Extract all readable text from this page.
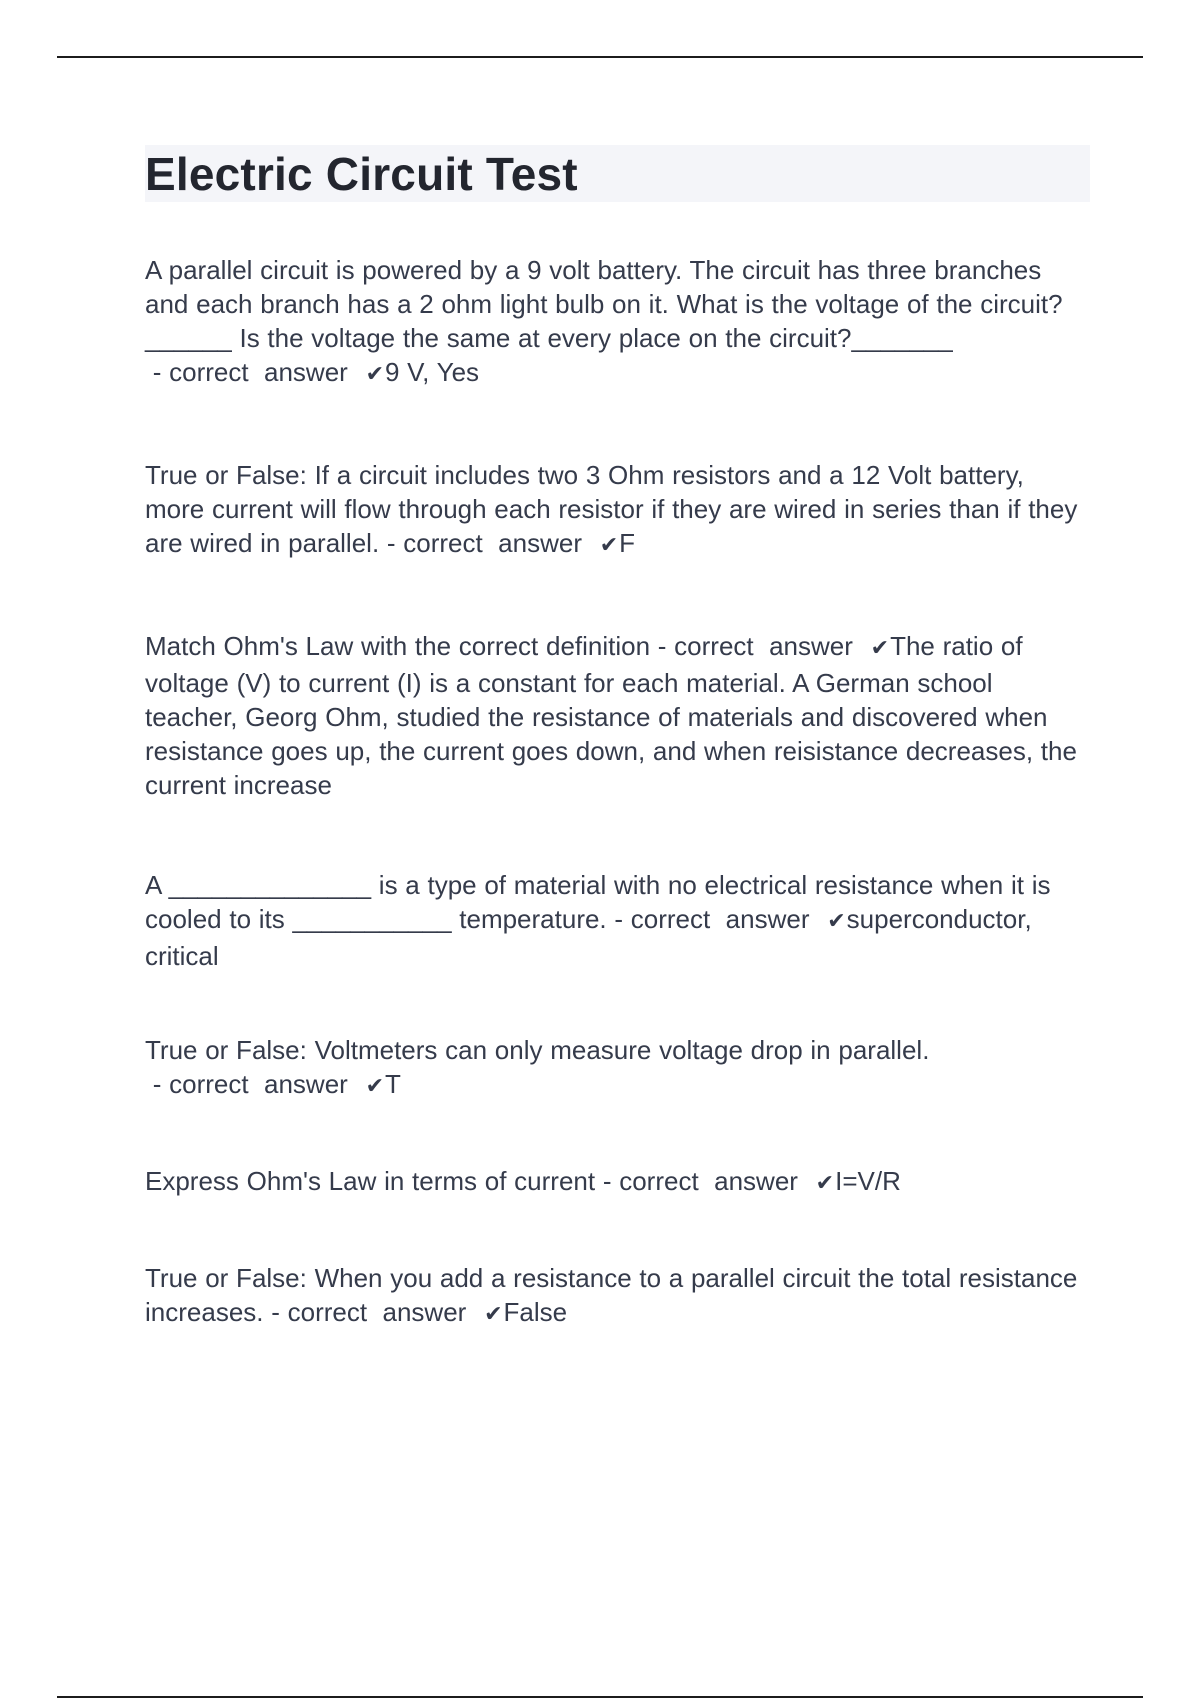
Electric Circuit Test

A parallel circuit is powered by a 9 volt battery. The circuit has three branches and each branch has a 2 ohm light bulb on it. What is the voltage of the circuit?______ Is the voltage the same at every place on the circuit?_______ - correct  answer ✔9 V, Yes

True or False: If a circuit includes two 3 Ohm resistors and a 12 Volt battery, more current will flow through each resistor if they are wired in series than if they are wired in parallel. - correct  answer ✔F

Match Ohm's Law with the correct definition - correct  answer ✔The ratio of voltage (V) to current (I) is a constant for each material. A German school teacher, Georg Ohm, studied the resistance of materials and discovered when resistance goes up, the current goes down, and when reisistance decreases, the current increase

A ______________ is a type of material with no electrical resistance when it is cooled to its ___________ temperature. - correct  answer ✔superconductor, critical

True or False: Voltmeters can only measure voltage drop in parallel. - correct  answer ✔T

Express Ohm's Law in terms of current - correct  answer ✔I=V/R

True or False: When you add a resistance to a parallel circuit the total resistance increases. - correct  answer ✔False
